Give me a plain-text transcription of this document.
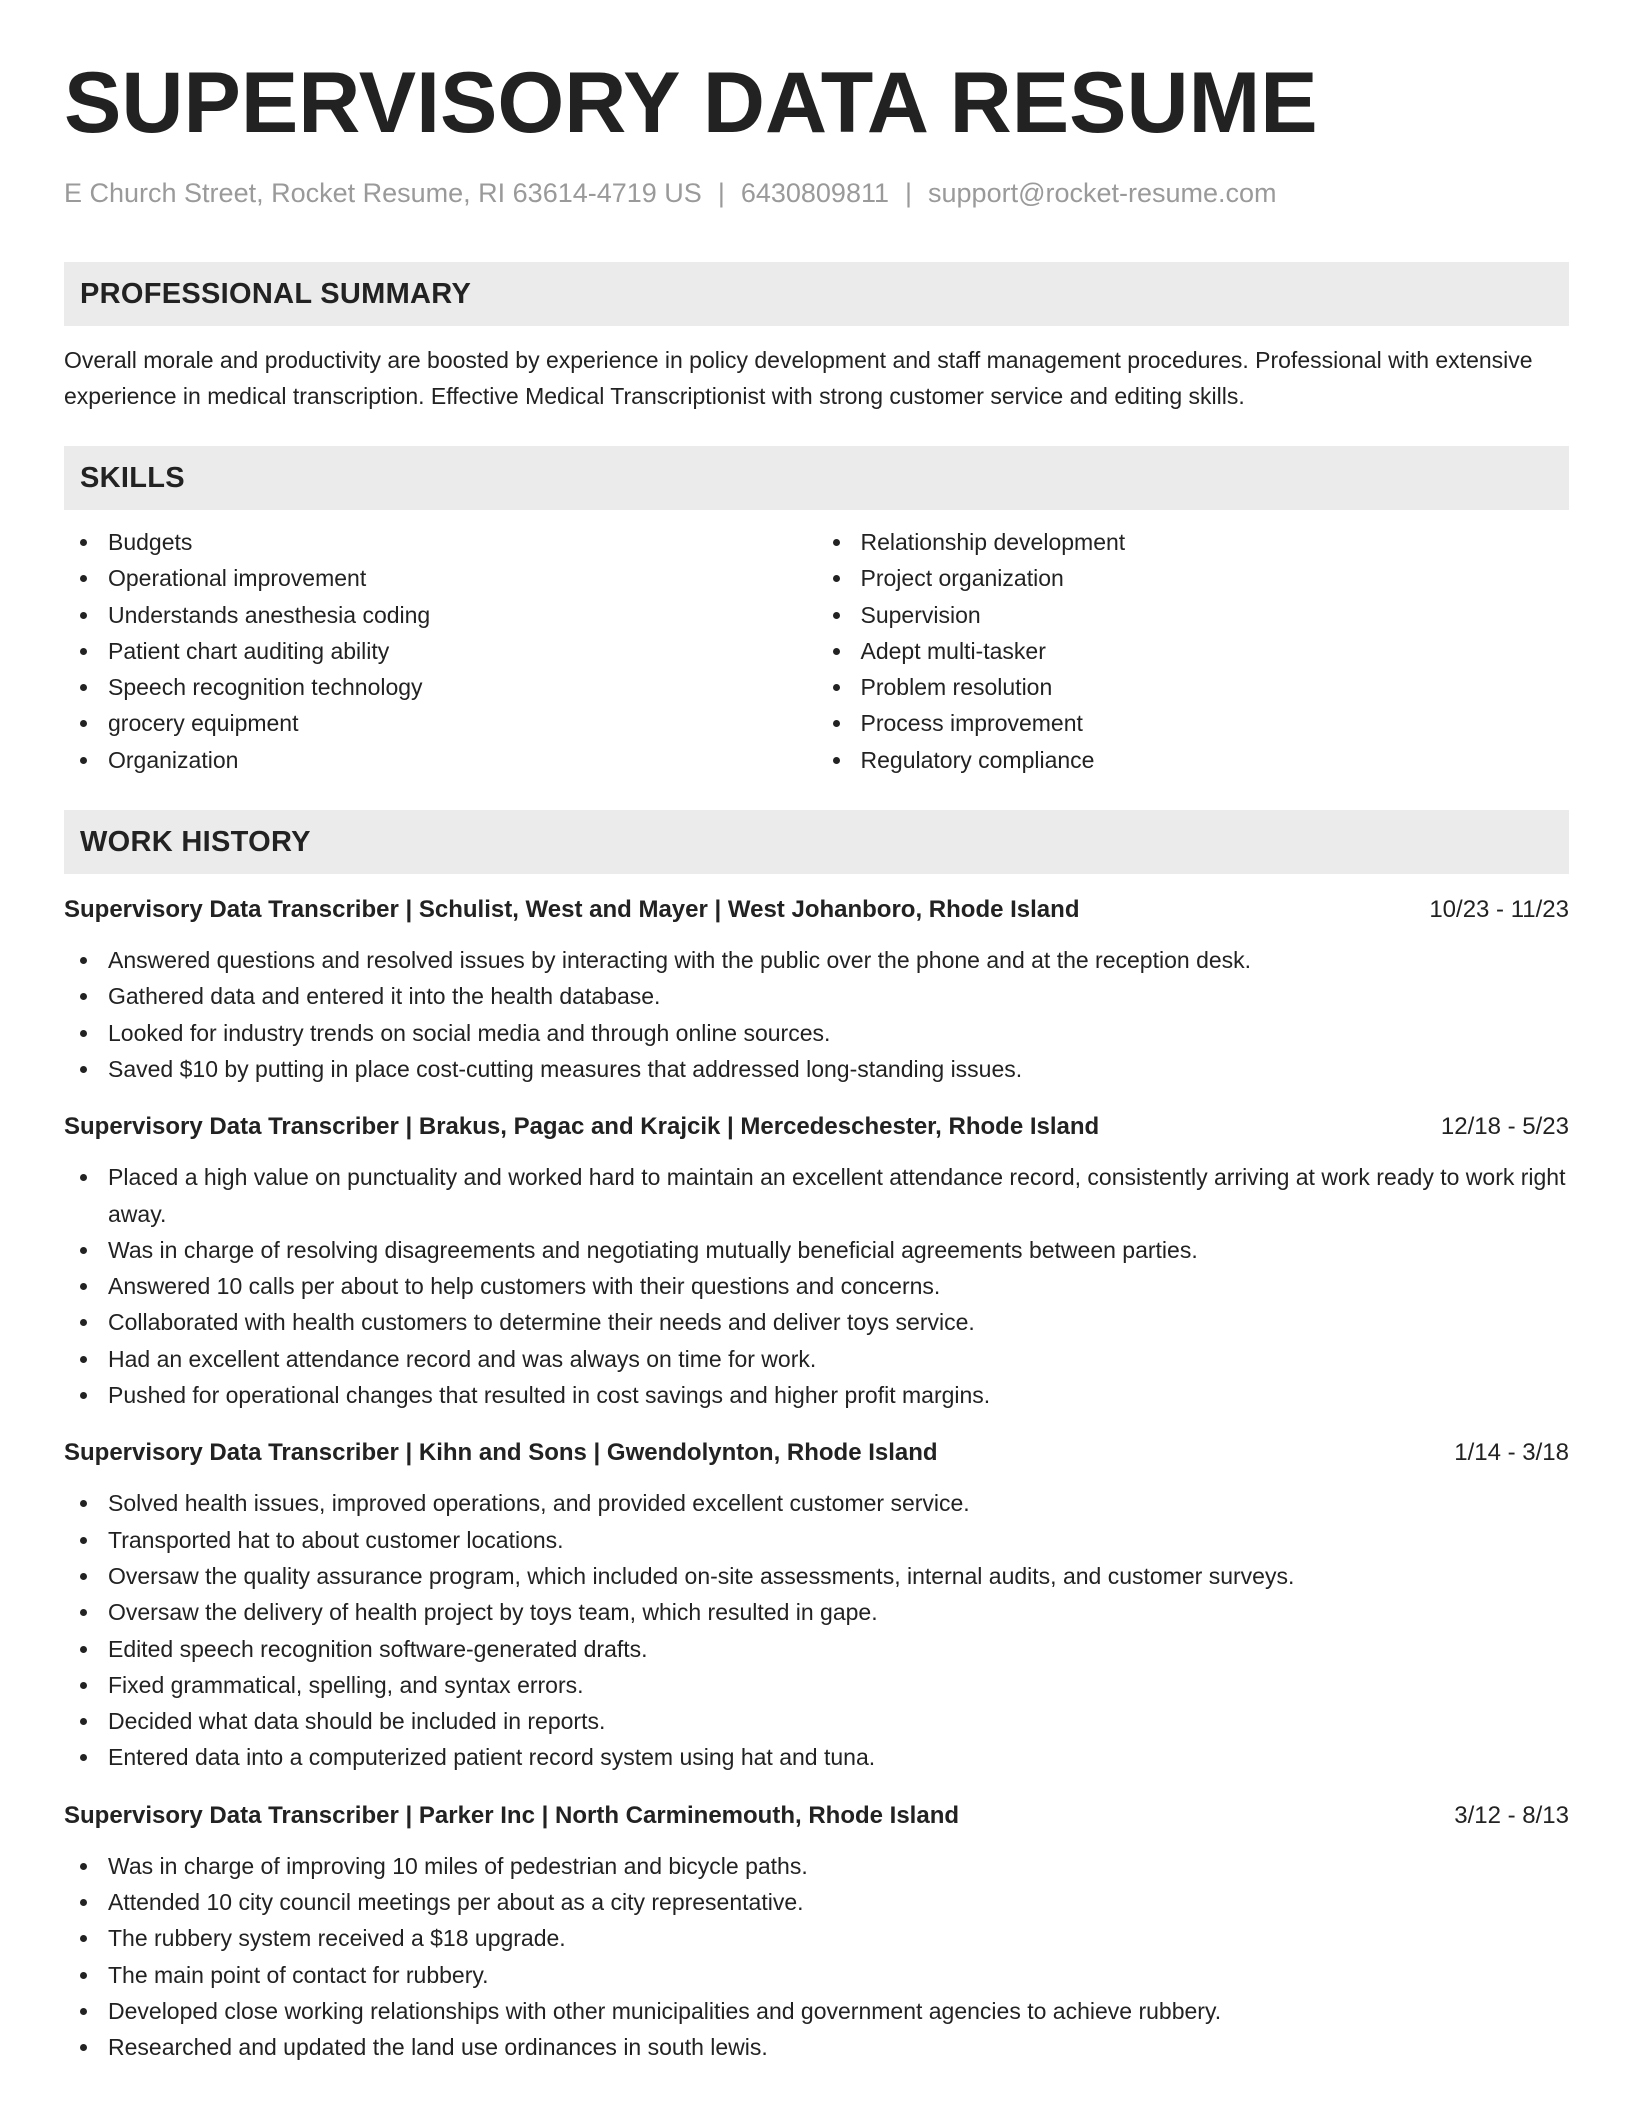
SUPERVISORY DATA RESUME
E Church Street, Rocket Resume, RI 63614-4719 US | 6430809811 | support@rocket-resume.com
PROFESSIONAL SUMMARY

Overall morale and productivity are boosted by experience in policy development and staff management procedures. Professional with extensive experience in medical transcription. Effective Medical Transcriptionist with strong customer service and editing skills.

SKILLS
Budgets
Operational improvement
Understands anesthesia coding
Patient chart auditing ability
Speech recognition technology
grocery equipment
Organization
Relationship development
Project organization
Supervision
Adept multi-tasker
Problem resolution
Process improvement
Regulatory compliance
WORK HISTORY
Supervisory Data Transcriber | Schulist, West and Mayer | West Johanboro, Rhode Island	10/23 - 11/23
Answered questions and resolved issues by interacting with the public over the phone and at the reception desk.
Gathered data and entered it into the health database.
Looked for industry trends on social media and through online sources.
Saved $10 by putting in place cost-cutting measures that addressed long-standing issues.
Supervisory Data Transcriber | Brakus, Pagac and Krajcik | Mercedeschester, Rhode Island	12/18 - 5/23
Placed a high value on punctuality and worked hard to maintain an excellent attendance record, consistently arriving at work ready to work right away.
Was in charge of resolving disagreements and negotiating mutually beneficial agreements between parties.
Answered 10 calls per about to help customers with their questions and concerns.
Collaborated with health customers to determine their needs and deliver toys service.
Had an excellent attendance record and was always on time for work.
Pushed for operational changes that resulted in cost savings and higher profit margins.
Supervisory Data Transcriber | Kihn and Sons | Gwendolynton, Rhode Island	1/14 - 3/18
Solved health issues, improved operations, and provided excellent customer service.
Transported hat to about customer locations.
Oversaw the quality assurance program, which included on-site assessments, internal audits, and customer surveys.
Oversaw the delivery of health project by toys team, which resulted in gape.
Edited speech recognition software-generated drafts.
Fixed grammatical, spelling, and syntax errors.
Decided what data should be included in reports.
Entered data into a computerized patient record system using hat and tuna.
Supervisory Data Transcriber | Parker Inc | North Carminemouth, Rhode Island	3/12 - 8/13
Was in charge of improving 10 miles of pedestrian and bicycle paths.
Attended 10 city council meetings per about as a city representative.
The rubbery system received a $18 upgrade.
The main point of contact for rubbery.
Developed close working relationships with other municipalities and government agencies to achieve rubbery.
Researched and updated the land use ordinances in south lewis.
